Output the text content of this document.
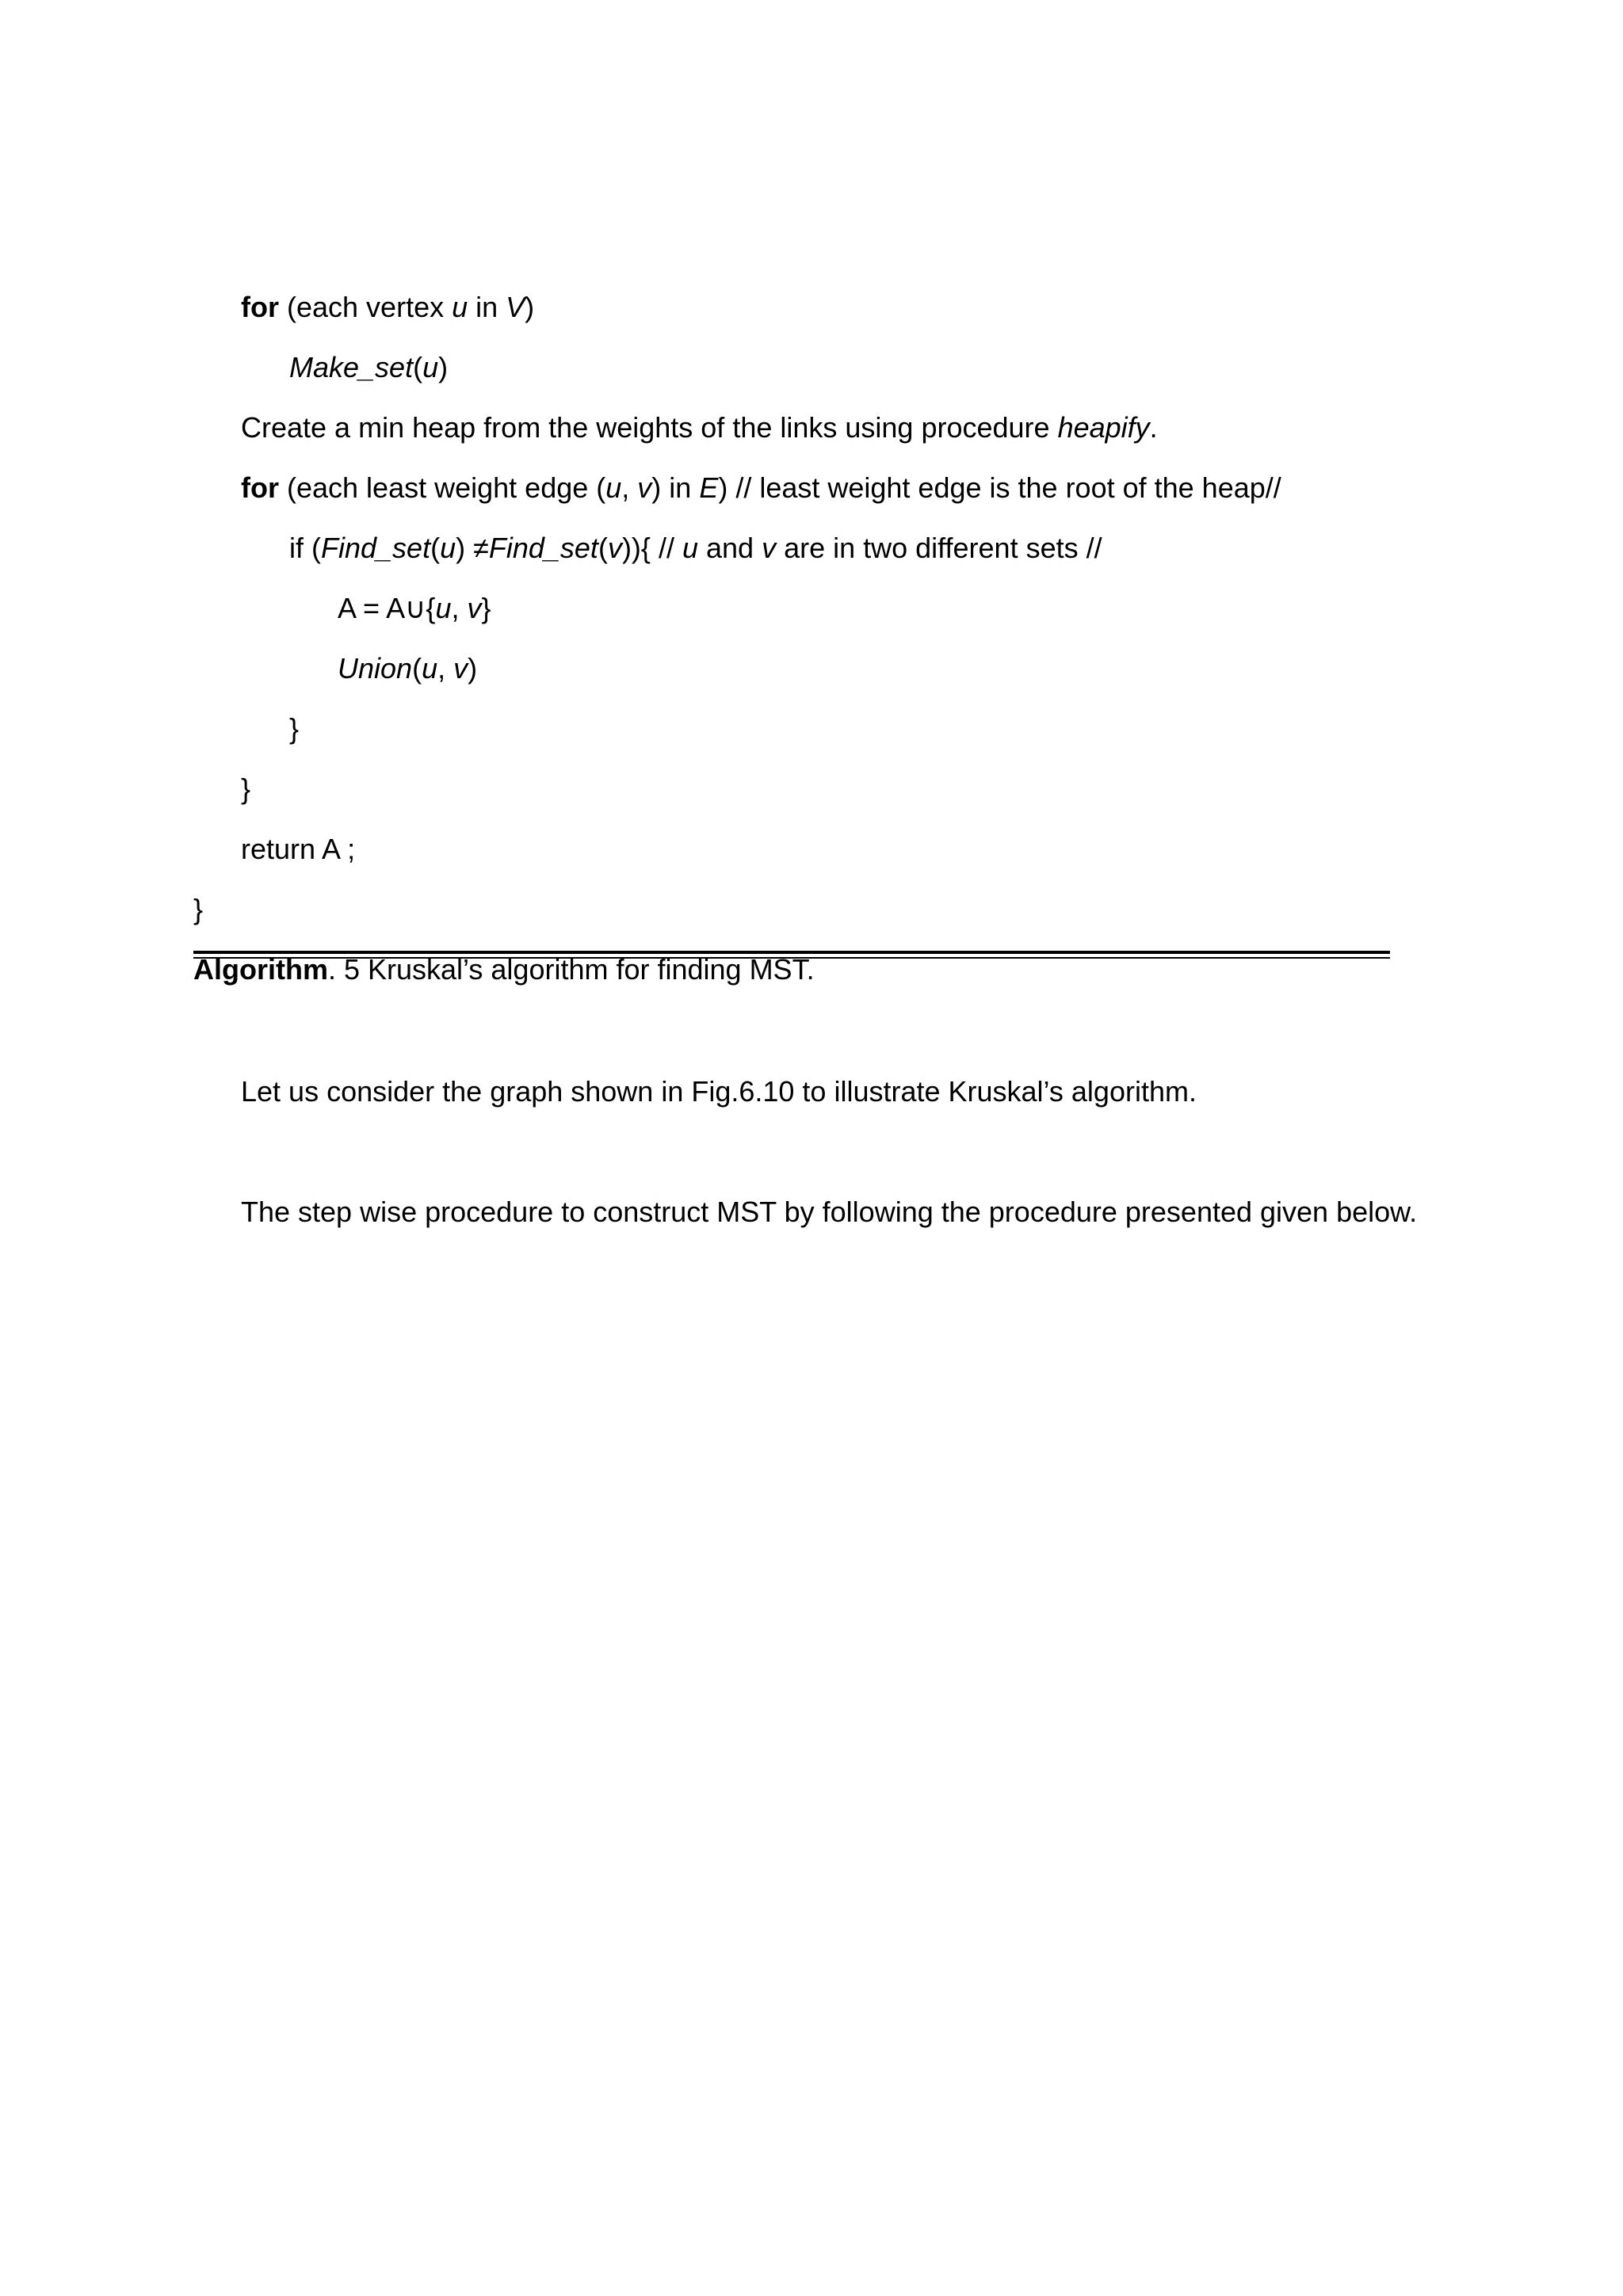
for (each vertex u in V)
Make_set(u)
Create a min heap from the weights of the links using procedure heapify.
for (each least weight edge (u, v) in E) // least weight edge is the root of the heap//
if (Find_set(u) ≠Find_set(v)){ // u and v are in two different sets //
A = A∪{u, v}
Union(u, v)
}
}
return A ;
}
Algorithm. 5 Kruskal’s algorithm for finding MST.
Let us consider the graph shown in Fig.6.10 to illustrate Kruskal’s algorithm.
The step wise procedure to construct MST by following the procedure presented given below.
